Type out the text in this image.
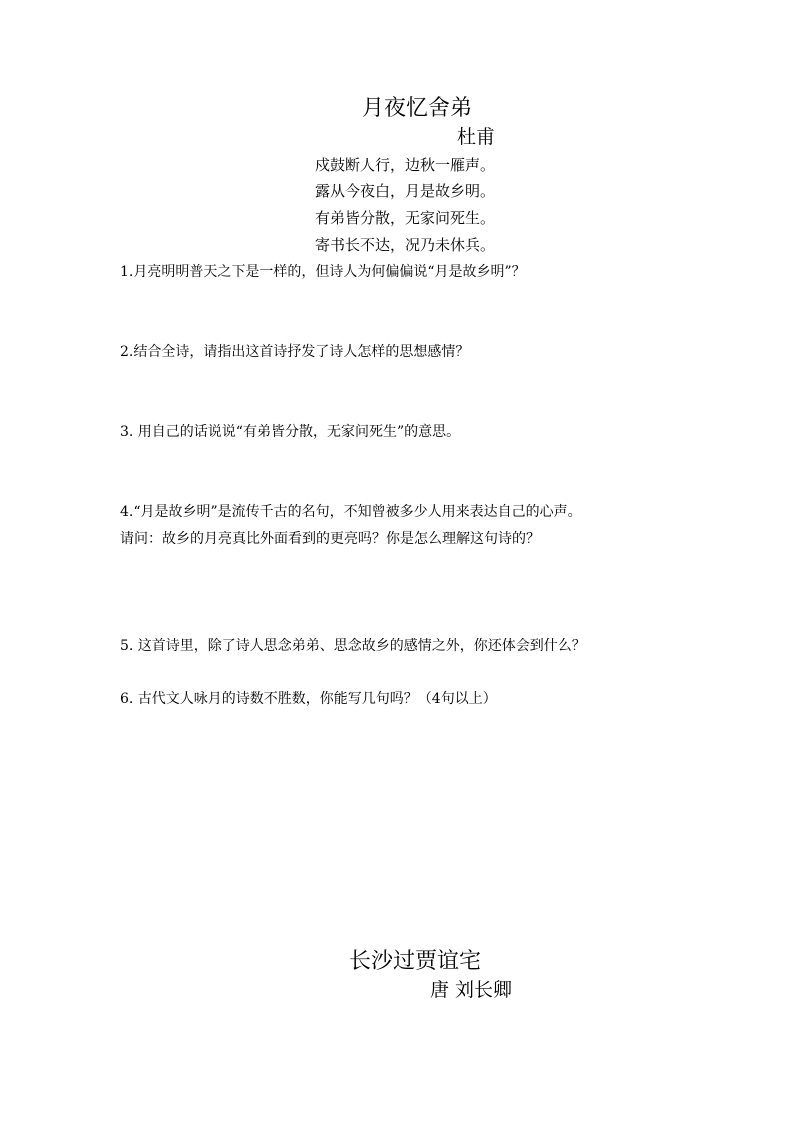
月夜忆舍弟
杜甫
戍鼓断人行，边秋一雁声。
露从今夜白，月是故乡明。
有弟皆分散，无家问死生。
寄书长不达，况乃未休兵。
1.月亮明明普天之下是一样的，但诗人为何偏偏说“月是故乡明”？
2.结合全诗，请指出这首诗抒发了诗人怎样的思想感情？
3. 用自己的话说说“有弟皆分散，无家问死生”的意思。
4.“月是故乡明”是流传千古的名句，不知曾被多少人用来表达自己的心声。
请问：故乡的月亮真比外面看到的更亮吗？你是怎么理解这句诗的？
5. 这首诗里，除了诗人思念弟弟、思念故乡的感情之外，你还体会到什么？
6. 古代文人咏月的诗数不胜数，你能写几句吗？（4句以上）
长沙过贾谊宅
唐 刘长卿
